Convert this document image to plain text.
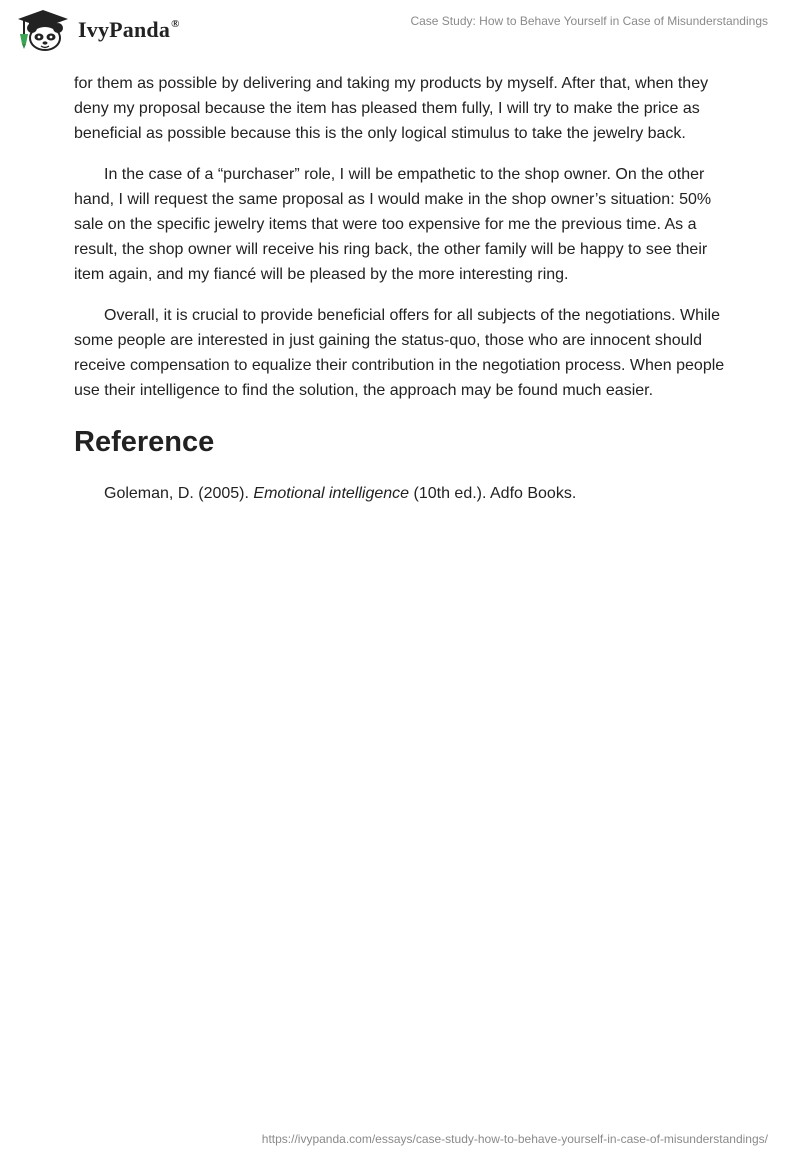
IvyPanda®	Case Study: How to Behave Yourself in Case of Misunderstandings

for them as possible by delivering and taking my products by myself. After that, when they deny my proposal because the item has pleased them fully, I will try to make the price as beneficial as possible because this is the only logical stimulus to take the jewelry back.

In the case of a “purchaser” role, I will be empathetic to the shop owner. On the other hand, I will request the same proposal as I would make in the shop owner’s situation: 50% sale on the specific jewelry items that were too expensive for me the previous time. As a result, the shop owner will receive his ring back, the other family will be happy to see their item again, and my fiancé will be pleased by the more interesting ring.

Overall, it is crucial to provide beneficial offers for all subjects of the negotiations. While some people are interested in just gaining the status-quo, those who are innocent should receive compensation to equalize their contribution in the negotiation process. When people use their intelligence to find the solution, the approach may be found much easier.

Reference

Goleman, D. (2005). Emotional intelligence (10th ed.). Adfo Books.

https://ivypanda.com/essays/case-study-how-to-behave-yourself-in-case-of-misunderstandings/
